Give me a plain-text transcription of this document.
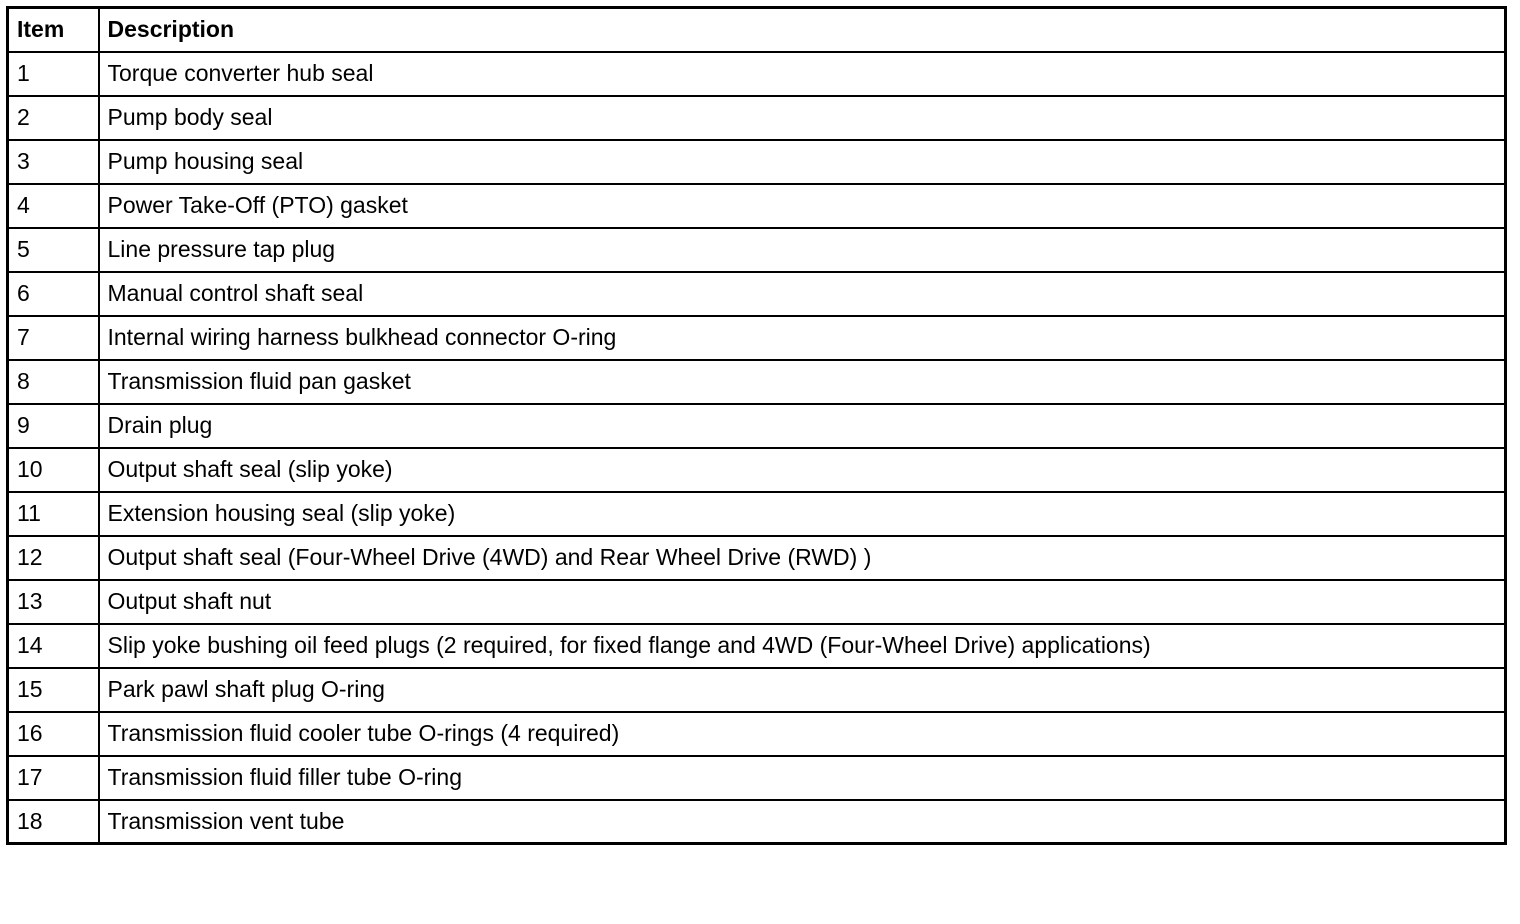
Item	Description
1	Torque converter hub seal
2	Pump body seal
3	Pump housing seal
4	Power Take-Off (PTO) gasket
5	Line pressure tap plug
6	Manual control shaft seal
7	Internal wiring harness bulkhead connector O-ring
8	Transmission fluid pan gasket
9	Drain plug
10	Output shaft seal (slip yoke)
11	Extension housing seal (slip yoke)
12	Output shaft seal (Four-Wheel Drive (4WD) and Rear Wheel Drive (RWD) )
13	Output shaft nut
14	Slip yoke bushing oil feed plugs (2 required, for fixed flange and 4WD (Four-Wheel Drive) applications)
15	Park pawl shaft plug O-ring
16	Transmission fluid cooler tube O-rings (4 required)
17	Transmission fluid filler tube O-ring
18	Transmission vent tube
